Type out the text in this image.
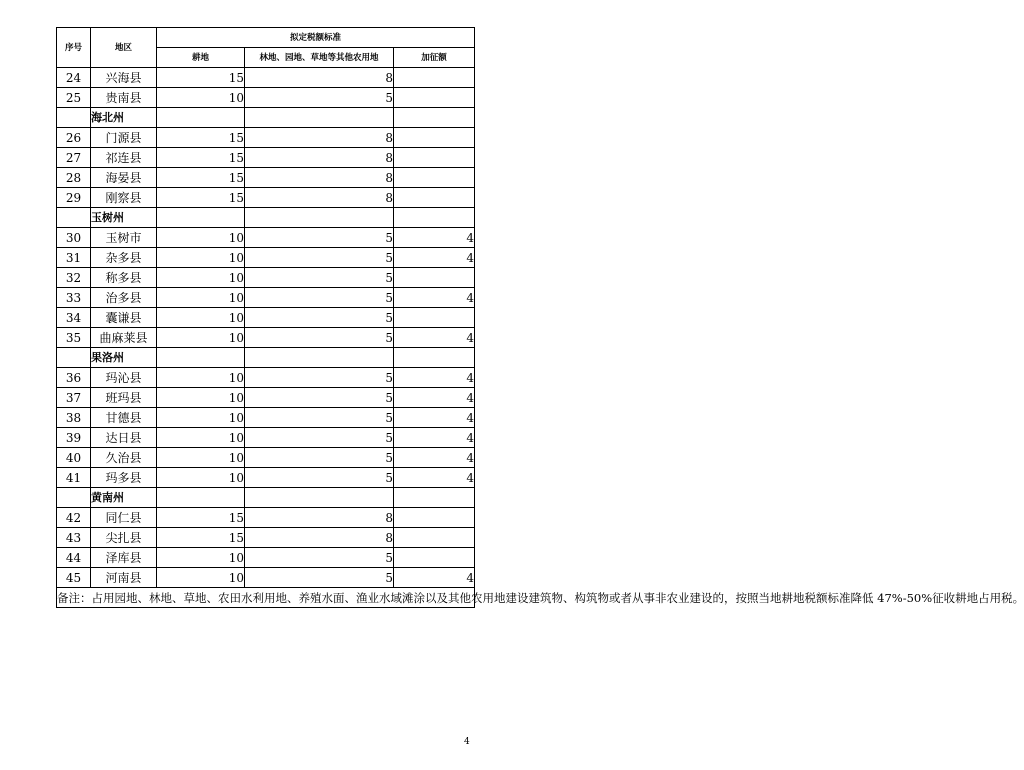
序号	地区	拟定税额标准		
		耕地	林地、园地、草地等其他农用地	加征额
24	兴海县	15	8	
25	贵南县	10	5	
	海北州			
26	门源县	15	8	
27	祁连县	15	8	
28	海晏县	15	8	
29	刚察县	15	8	
	玉树州			
30	玉树市	10	5	4
31	杂多县	10	5	4
32	称多县	10	5	
33	治多县	10	5	4
34	囊谦县	10	5	
35	曲麻莱县	10	5	4
	果洛州			
36	玛沁县	10	5	4
37	班玛县	10	5	4
38	甘德县	10	5	4
39	达日县	10	5	4
40	久治县	10	5	4
41	玛多县	10	5	4
	黄南州			
42	同仁县	15	8	
43	尖扎县	15	8	
44	泽库县	10	5	
45	河南县	10	5	4
备注：占用园地、林地、草地、农田水利用地、养殖水面、渔业水域滩涂以及其他农用地建设建筑物、构筑物或者从事非农业建设的，按照当地耕地税额标准降低 47%-50%征收耕地占用税。				
4
